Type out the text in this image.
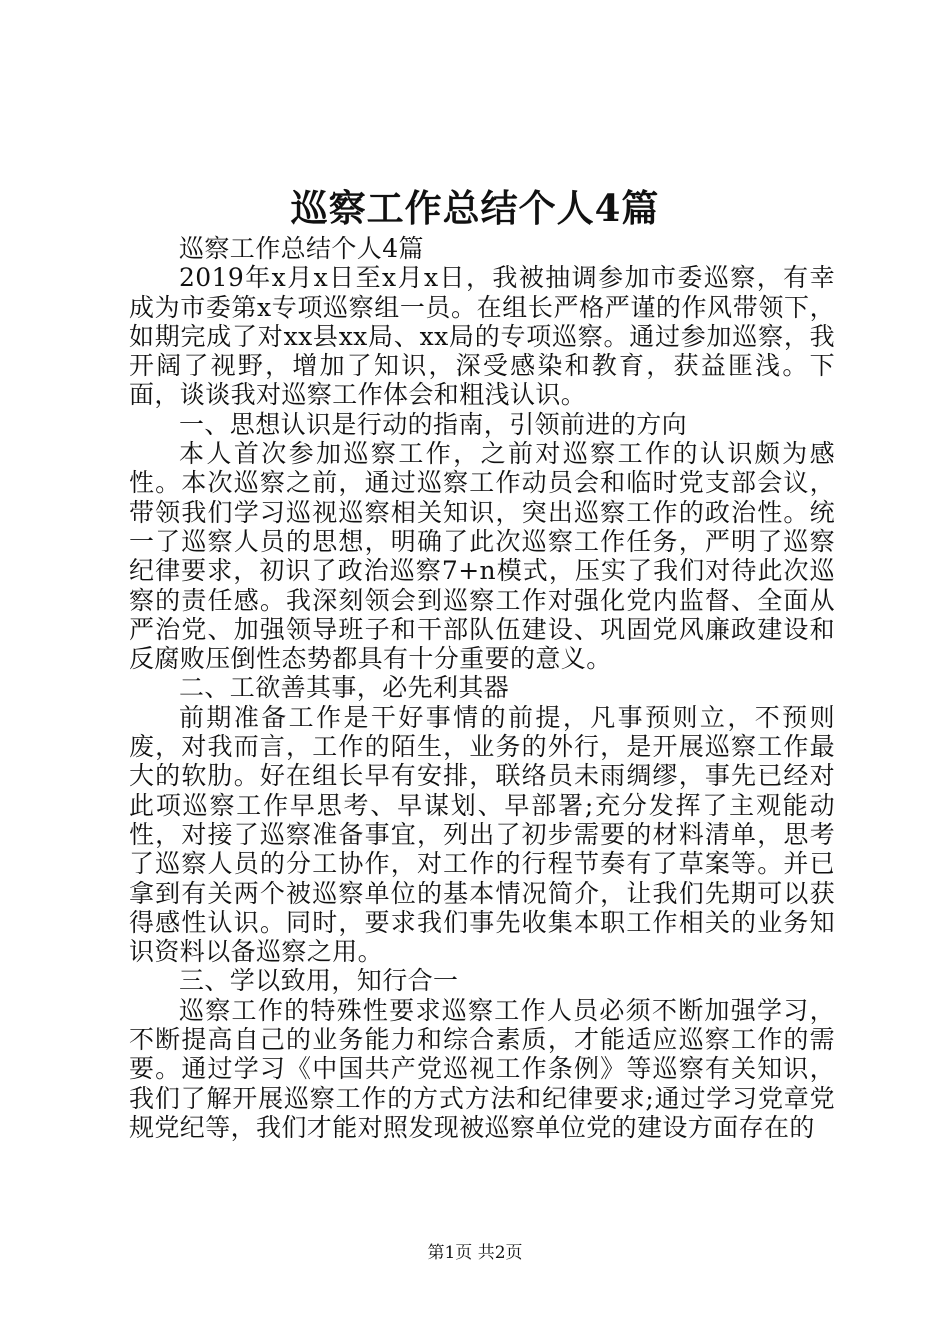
巡察工作总结个人4篇

巡察工作总结个人4篇

2019年x月x日至x月x日，我被抽调参加市委巡察，有幸成为市委第x专项巡察组一员。在组长严格严谨的作风带领下，如期完成了对xx县xx局、xx局的专项巡察。通过参加巡察，我开阔了视野，增加了知识，深受感染和教育，获益匪浅。下面，谈谈我对巡察工作体会和粗浅认识。

一、思想认识是行动的指南，引领前进的方向

本人首次参加巡察工作，之前对巡察工作的认识颇为感性。本次巡察之前，通过巡察工作动员会和临时党支部会议，带领我们学习巡视巡察相关知识，突出巡察工作的政治性。统一了巡察人员的思想，明确了此次巡察工作任务，严明了巡察纪律要求，初识了政治巡察7+n模式，压实了我们对待此次巡察的责任感。我深刻领会到巡察工作对强化党内监督、全面从严治党、加强领导班子和干部队伍建设、巩固党风廉政建设和反腐败压倒性态势都具有十分重要的意义。

二、工欲善其事，必先利其器

前期准备工作是干好事情的前提，凡事预则立，不预则废，对我而言，工作的陌生，业务的外行，是开展巡察工作最大的软肋。好在组长早有安排，联络员未雨绸缪，事先已经对此项巡察工作早思考、早谋划、早部署;充分发挥了主观能动性，对接了巡察准备事宜，列出了初步需要的材料清单，思考了巡察人员的分工协作，对工作的行程节奏有了草案等。并已拿到有关两个被巡察单位的基本情况简介，让我们先期可以获得感性认识。同时，要求我们事先收集本职工作相关的业务知识资料以备巡察之用。

三、学以致用，知行合一

巡察工作的特殊性要求巡察工作人员必须不断加强学习，不断提高自己的业务能力和综合素质，才能适应巡察工作的需要。通过学习《中国共产党巡视工作条例》等巡察有关知识，我们了解开展巡察工作的方式方法和纪律要求;通过学习党章党规党纪等，我们才能对照发现被巡察单位党的建设方面存在的

第1页 共2页
